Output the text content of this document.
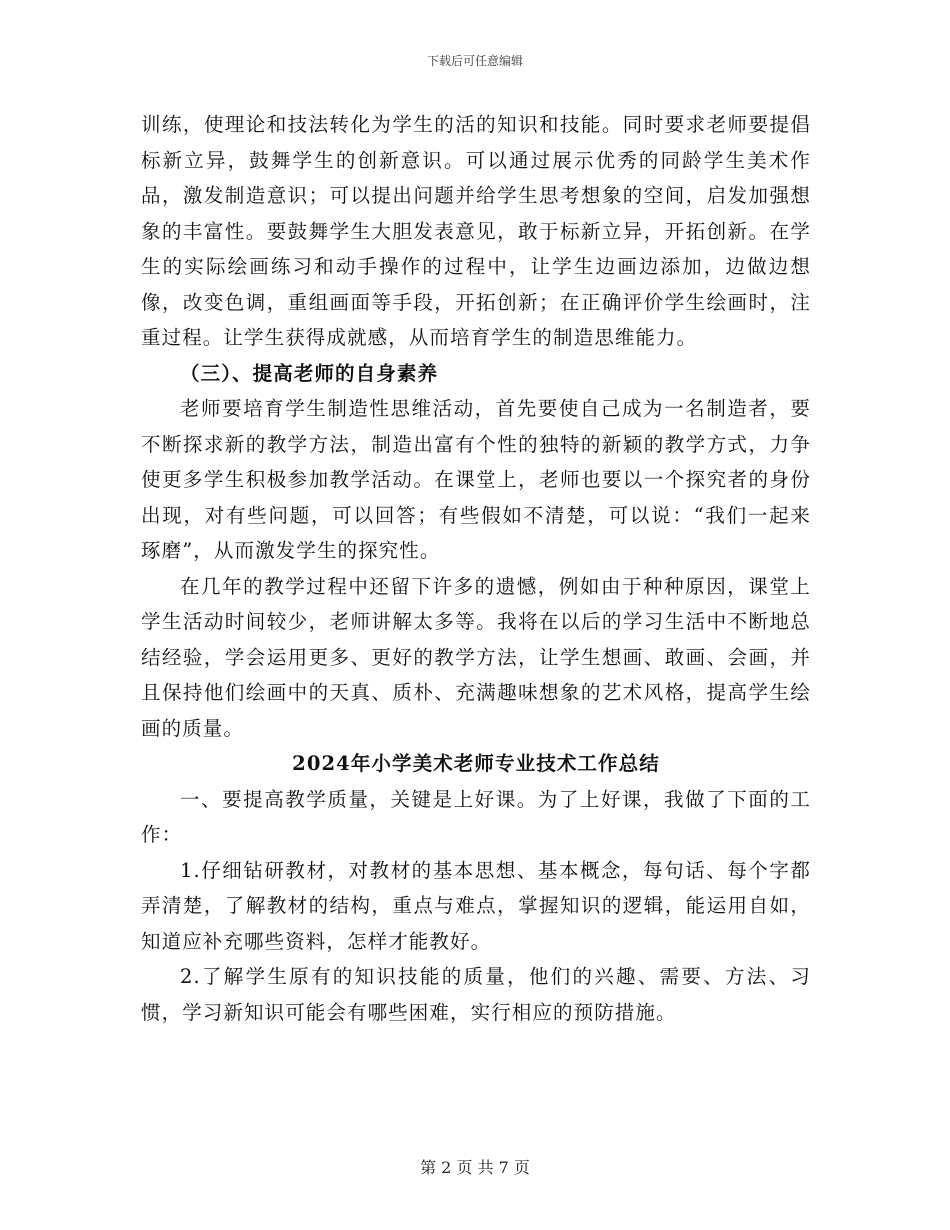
下载后可任意编辑

训练，使理论和技法转化为学生的活的知识和技能。同时要求老师要提倡标新立异，鼓舞学生的创新意识。可以通过展示优秀的同龄学生美术作品，激发制造意识；可以提出问题并给学生思考想象的空间，启发加强想象的丰富性。要鼓舞学生大胆发表意见，敢于标新立异，开拓创新。在学生的实际绘画练习和动手操作的过程中，让学生边画边添加，边做边想像，改变色调，重组画面等手段，开拓创新；在正确评价学生绘画时，注重过程。让学生获得成就感，从而培育学生的制造思维能力。

（三）、提高老师的自身素养

老师要培育学生制造性思维活动，首先要使自己成为一名制造者，要不断探求新的教学方法，制造出富有个性的独特的新颖的教学方式，力争使更多学生积极参加教学活动。在课堂上，老师也要以一个探究者的身份出现，对有些问题，可以回答；有些假如不清楚，可以说：“我们一起来琢磨”，从而激发学生的探究性。

在几年的教学过程中还留下许多的遗憾，例如由于种种原因，课堂上学生活动时间较少，老师讲解太多等。我将在以后的学习生活中不断地总结经验，学会运用更多、更好的教学方法，让学生想画、敢画、会画，并且保持他们绘画中的天真、质朴、充满趣味想象的艺术风格，提高学生绘画的质量。

2024年小学美术老师专业技术工作总结

一、要提高教学质量，关键是上好课。为了上好课，我做了下面的工作：

1.仔细钻研教材，对教材的基本思想、基本概念，每句话、每个字都弄清楚，了解教材的结构，重点与难点，掌握知识的逻辑，能运用自如，知道应补充哪些资料，怎样才能教好。

2.了解学生原有的知识技能的质量，他们的兴趣、需要、方法、习惯，学习新知识可能会有哪些困难，实行相应的预防措施。

第 2 页 共 7 页
